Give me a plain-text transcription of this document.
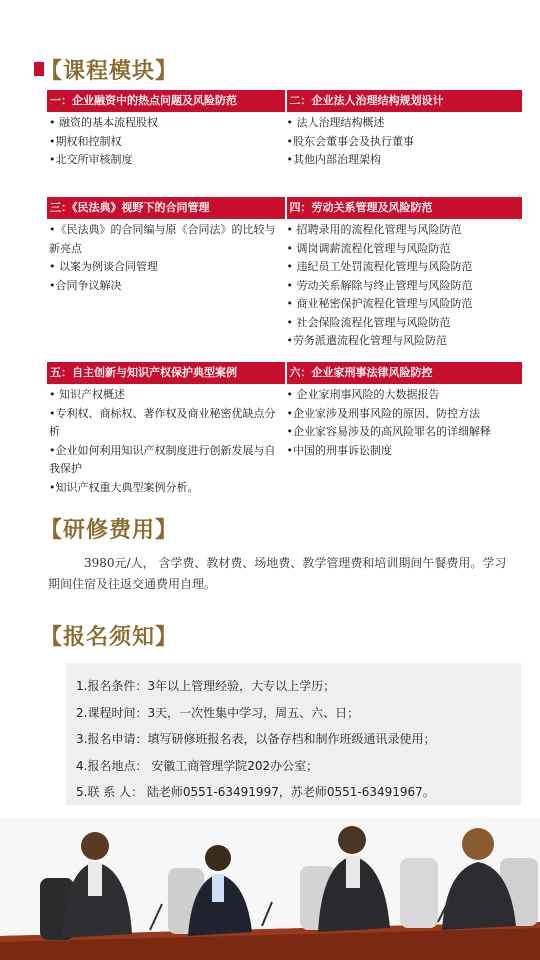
【课程模块】
一：企业融资中的热点问题及风险防范
• 融资的基本流程股权
•期权和控制权
•北交所审核制度
二：企业法人治理结构规划设计
• 法人治理结构概述
•股东会董事会及执行董事
•其他内部治理架构
三：《民法典》视野下的合同管理
•《民法典》的合同编与原《合同法》的比较与新亮点
• 以案为例谈合同管理
•合同争议解决
四：劳动关系管理及风险防范
• 招聘录用的流程化管理与风险防范
• 调岗调薪流程化管理与风险防范
• 违纪员工处罚流程化管理与风险防范
• 劳动关系解除与终止管理与风险防范
• 商业秘密保护流程化管理与风险防范
• 社会保险流程化管理与风险防范
•劳务派遣流程化管理与风险防范
五：自主创新与知识产权保护典型案例
• 知识产权概述
•专利权、商标权、著作权及商业秘密优缺点分析
•企业如何利用知识产权制度进行创新发展与自我保护
•知识产权重大典型案例分析。
六：企业家刑事法律风险防控
• 企业家刑事风险的大数据报告
•企业家涉及刑事风险的原因、防控方法
•企业家容易涉及的高风险罪名的详细解释
•中国的刑事诉讼制度
【研修费用】
3980元/人， 含学费、教材费、场地费、教学管理费和培训期间午餐费用。学习期间住宿及往返交通费用自理。
【报名须知】
1.报名条件：3年以上管理经验，大专以上学历；
2.课程时间：3天，一次性集中学习，周五、六、日；
3.报名申请：填写研修班报名表，以备存档和制作班级通讯录使用；
4.报名地点： 安徽工商管理学院202办公室；
5.联 系 人： 陆老师0551-63491997，苏老师0551-63491967。
